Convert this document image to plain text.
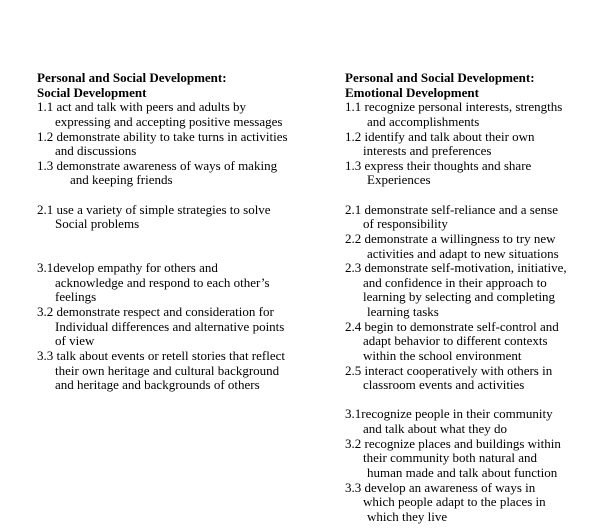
Personal and Social Development:
Social Development
1.1 act and talk with peers and adults by
expressing and accepting positive messages
1.2 demonstrate ability to take turns in activities
and discussions
1.3 demonstrate awareness of ways of making
and keeping friends
2.1 use a variety of simple strategies to solve
Social problems
3.1develop empathy for others and
acknowledge and respond to each other’s
feelings
3.2 demonstrate respect and consideration for
Individual differences and alternative points
of view
3.3 talk about events or retell stories that reflect
their own heritage and cultural background
and heritage and backgrounds of others
Personal and Social Development:
Emotional Development
1.1 recognize personal interests, strengths
and accomplishments
1.2 identify and talk about their own
interests and preferences
1.3 express their thoughts and share
Experiences
2.1 demonstrate self-reliance and a sense
of responsibility
2.2 demonstrate a willingness to try new
activities and adapt to new situations
2.3 demonstrate self-motivation, initiative,
and confidence in their approach to
learning by selecting and completing
learning tasks
2.4 begin to demonstrate self-control and
adapt behavior to different contexts
within the school environment
2.5 interact cooperatively with others in
classroom events and activities
3.1recognize people in their community
and talk about what they do
3.2 recognize places and buildings within
their community both natural and
human made and talk about function
3.3 develop an awareness of ways in
which people adapt to the places in
which they live
